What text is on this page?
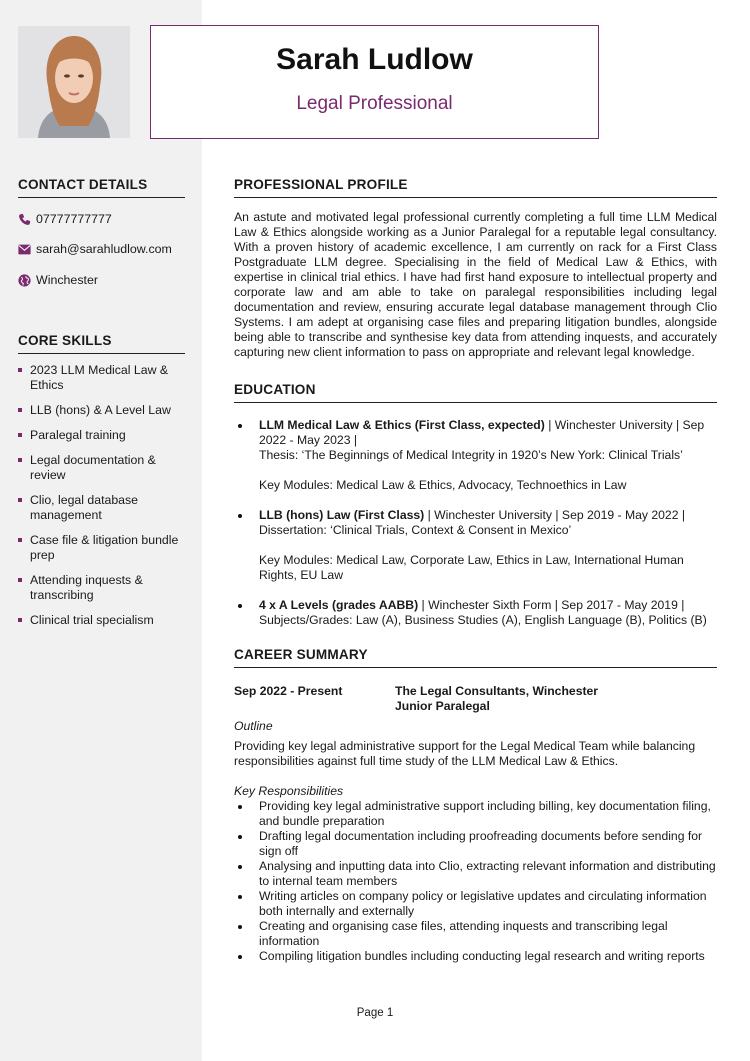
Sarah Ludlow
Legal Professional
CONTACT DETAILS
07777777777
sarah@sarahludlow.com
Winchester
CORE SKILLS
2023 LLM Medical Law & Ethics
LLB (hons) & A Level Law
Paralegal training
Legal documentation & review
Clio, legal database management
Case file & litigation bundle prep
Attending inquests & transcribing
Clinical trial specialism
PROFESSIONAL PROFILE

An astute and motivated legal professional currently completing a full time LLM Medical Law & Ethics alongside working as a Junior Paralegal for a reputable legal consultancy. With a proven history of academic excellence, I am currently on rack for a First Class Postgraduate LLM degree. Specialising in the field of Medical Law & Ethics, with expertise in clinical trial ethics. I have had first hand exposure to intellectual property and corporate law and am able to take on paralegal responsibilities including legal documentation and review, ensuring accurate legal database management through Clio Systems. I am adept at organising case files and preparing litigation bundles, alongside being able to transcribe and synthesise key data from attending inquests, and accurately capturing new client information to pass on appropriate and relevant legal knowledge.

EDUCATION
LLM Medical Law & Ethics (First Class, expected) | Winchester University | Sep 2022 - May 2023 |
Thesis: ‘The Beginnings of Medical Integrity in 1920’s New York: Clinical Trials’
Key Modules: Medical Law & Ethics, Advocacy, Technoethics in Law
LLB (hons) Law (First Class) | Winchester University | Sep 2019 - May 2022 |
Dissertation: ‘Clinical Trials, Context & Consent in Mexico’
Key Modules: Medical Law, Corporate Law, Ethics in Law, International Human Rights, EU Law
4 x A Levels (grades AABB) | Winchester Sixth Form | Sep 2017 - May 2019 |
Subjects/Grades: Law (A), Business Studies (A), English Language (B), Politics (B)
CAREER SUMMARY
Sep 2022 - Present	The Legal Consultants, Winchester
Junior Paralegal
Outline

Providing key legal administrative support for the Legal Medical Team while balancing responsibilities against full time study of the LLM Medical Law & Ethics.

Key Responsibilities
Providing key legal administrative support including billing, key documentation filing, and bundle preparation
Drafting legal documentation including proofreading documents before sending for sign off
Analysing and inputting data into Clio, extracting relevant information and distributing to internal team members
Writing articles on company policy or legislative updates and circulating information both internally and externally
Creating and organising case files, attending inquests and transcribing legal information
Compiling litigation bundles including conducting legal research and writing reports
Page 1
